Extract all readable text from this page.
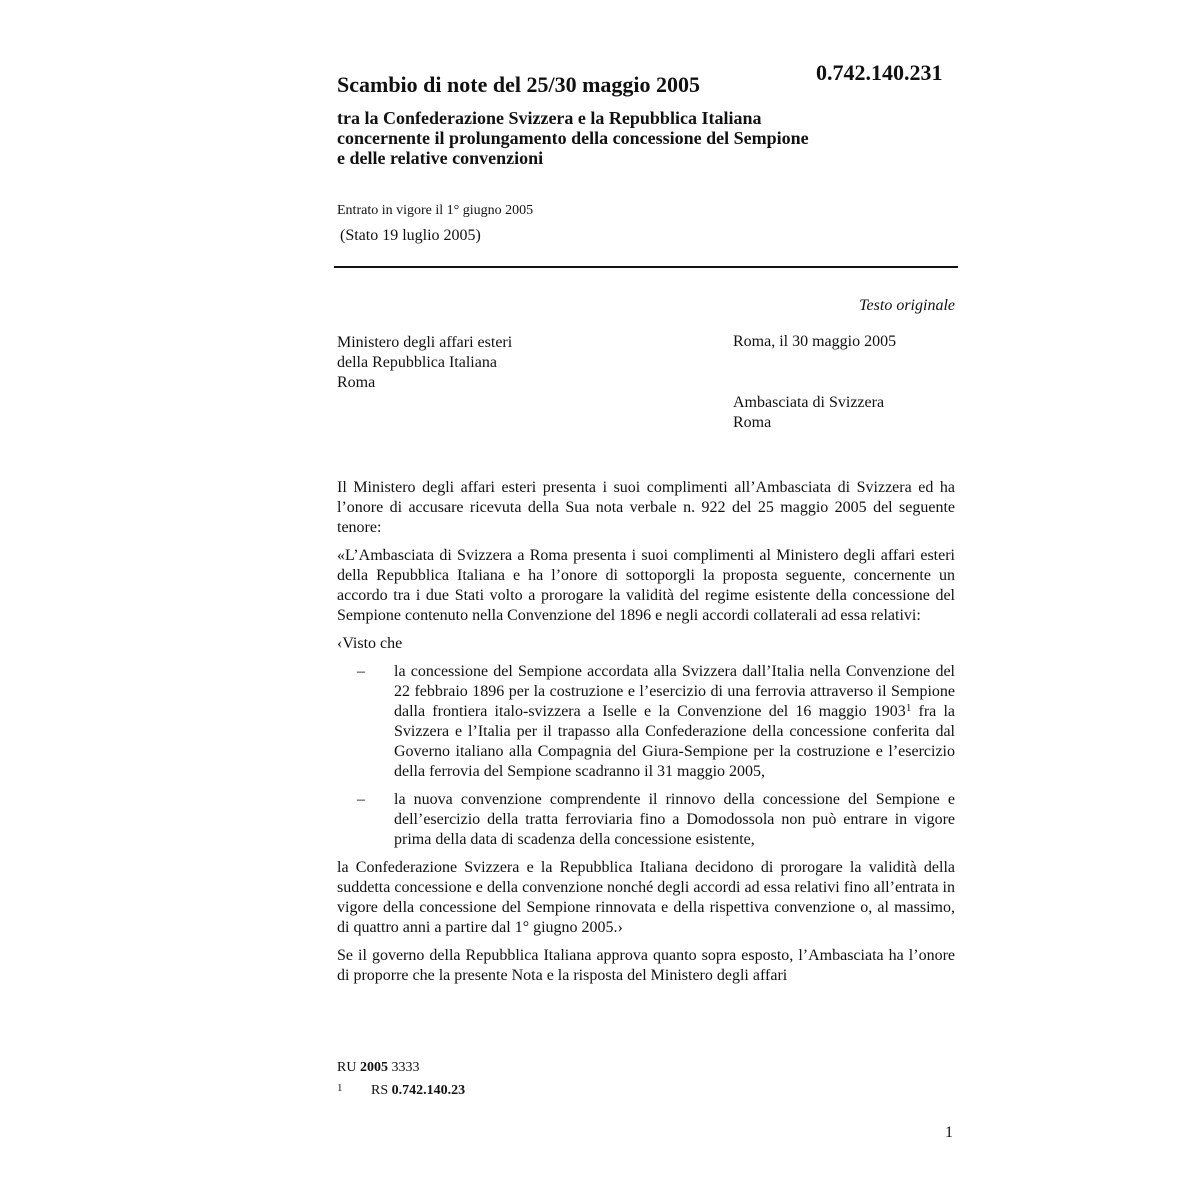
0.742.140.231
Scambio di note del 25/30 maggio 2005
tra la Confederazione Svizzera e la Repubblica Italiana
concernente il prolungamento della concessione del Sempione
e delle relative convenzioni
Entrato in vigore il 1° giugno 2005
(Stato 19 luglio 2005)
Testo originale
Ministero degli affari esteri
della Repubblica Italiana
Roma
Roma, il 30 maggio 2005
Ambasciata di Svizzera
Roma

Il Ministero degli affari esteri presenta i suoi complimenti all’Ambasciata di Svizzera ed ha l’onore di accusare ricevuta della Sua nota verbale n. 922 del 25 maggio 2005 del seguente tenore:

«L’Ambasciata di Svizzera a Roma presenta i suoi complimenti al Ministero degli affari esteri della Repubblica Italiana e ha l’onore di sottoporgli la proposta seguente, concernente un accordo tra i due Stati volto a prorogare la validità del regime esistente della concessione del Sempione contenuto nella Convenzione del 1896 e negli accordi collaterali ad essa relativi:

‹Visto che

–	la concessione del Sempione accordata alla Svizzera dall’Italia nella Convenzione del 22 febbraio 1896 per la costruzione e l’esercizio di una ferrovia attraverso il Sempione dalla frontiera italo-svizzera a Iselle e la Convenzione del 16 maggio 1903$^1$ fra la Svizzera e l’Italia per il trapasso alla Confederazione della concessione conferita dal Governo italiano alla Compagnia del Giura-Sempione per la costruzione e l’esercizio della ferrovia del Sempione scadranno il 31 maggio 2005,
–	la nuova convenzione comprendente il rinnovo della concessione del Sempione e dell’esercizio della tratta ferroviaria fino a Domodossola non può entrare in vigore prima della data di scadenza della concessione esistente,

la Confederazione Svizzera e la Repubblica Italiana decidono di prorogare la validità della suddetta concessione e della convenzione nonché degli accordi ad essa relativi fino all’entrata in vigore della concessione del Sempione rinnovata e della rispettiva convenzione o, al massimo, di quattro anni a partire dal 1° giugno 2005.›

Se il governo della Repubblica Italiana approva quanto sopra esposto, l’Ambasciata ha l’onore di proporre che la presente Nota e la risposta del Ministero degli affari

RU 2005 3333
1 RS 0.742.140.23
1
